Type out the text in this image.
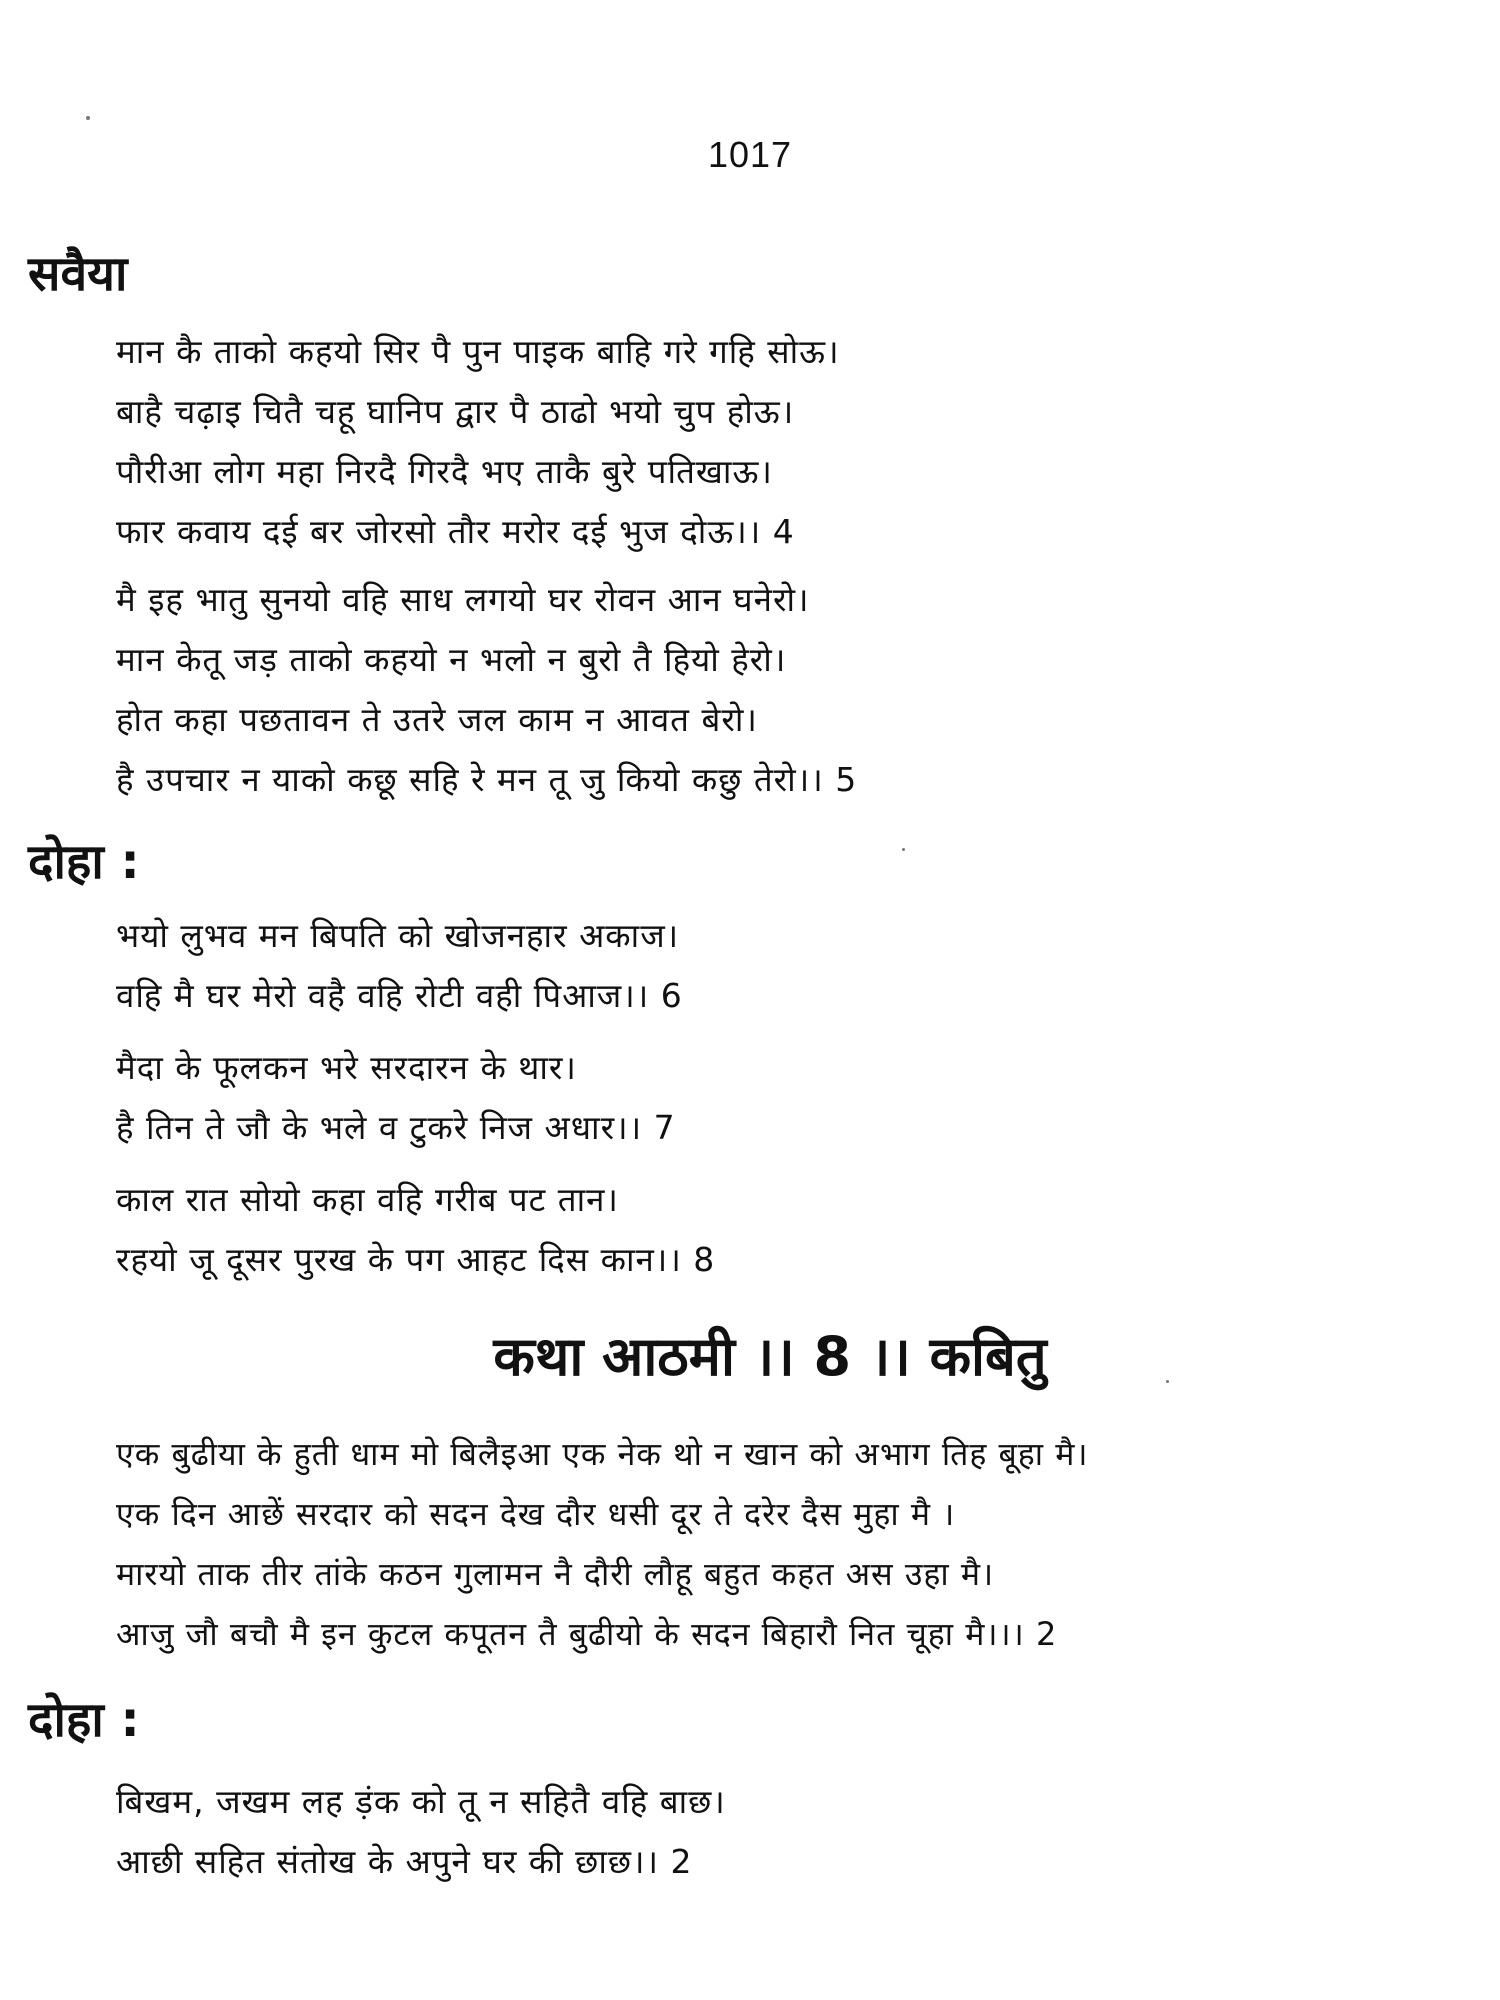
1017
सवैया
मान कै ताको कहयो सिर पै पुन पाइक बाहि गरे गहि सोऊ।
बाहै चढ़ाइ चितै चहू घानिप द्वार पै ठाढो भयो चुप होऊ।
पौरीआ लोग महा निरदै गिरदै भए ताकै बुरे पतिखाऊ।
फार कवाय दई बर जोरसो तौर मरोर दई भुज दोऊ।। 4
मै इह भातु सुनयो वहि साध लगयो घर रोवन आन घनेरो।
मान केतू जड़ ताको कहयो न भलो न बुरो तै हियो हेरो।
होत कहा पछतावन ते उतरे जल काम न आवत बेरो।
है उपचार न याको कछू सहि रे मन तू जु कियो कछु तेरो।। 5
दोहा :
भयो लुभव मन बिपति को खोजनहार अकाज।
वहि मै घर मेरो वहै वहि रोटी वही पिआज।। 6
मैदा के फूलकन भरे सरदारन के थार।
है तिन ते जौ के भले व टुकरे निज अधार।। 7
काल रात सोयो कहा वहि गरीब पट तान।
रहयो जू दूसर पुरख के पग आहट दिस कान।। 8
कथा आठमी ।। 8 ।। कबितु
एक बुढीया के हुती धाम मो बिलैइआ एक नेक थो न खान को अभाग तिह बूहा मै।
एक दिन आछें सरदार को सदन देख दौर धसी दूर ते दरेर दैस मुहा मै ।
मारयो ताक तीर तांके कठन गुलामन नै दौरी लौहू बहुत कहत अस उहा मै।
आजु जौ बचौ मै इन कुटल कपूतन तै बुढीयो के सदन बिहारौ नित चूहा मै।।। 2
दोहा :
बिखम, जखम लह ड़ंक को तू न सहितै वहि बाछ।
आछी सहित संतोख के अपुने घर की छाछ।। 2
